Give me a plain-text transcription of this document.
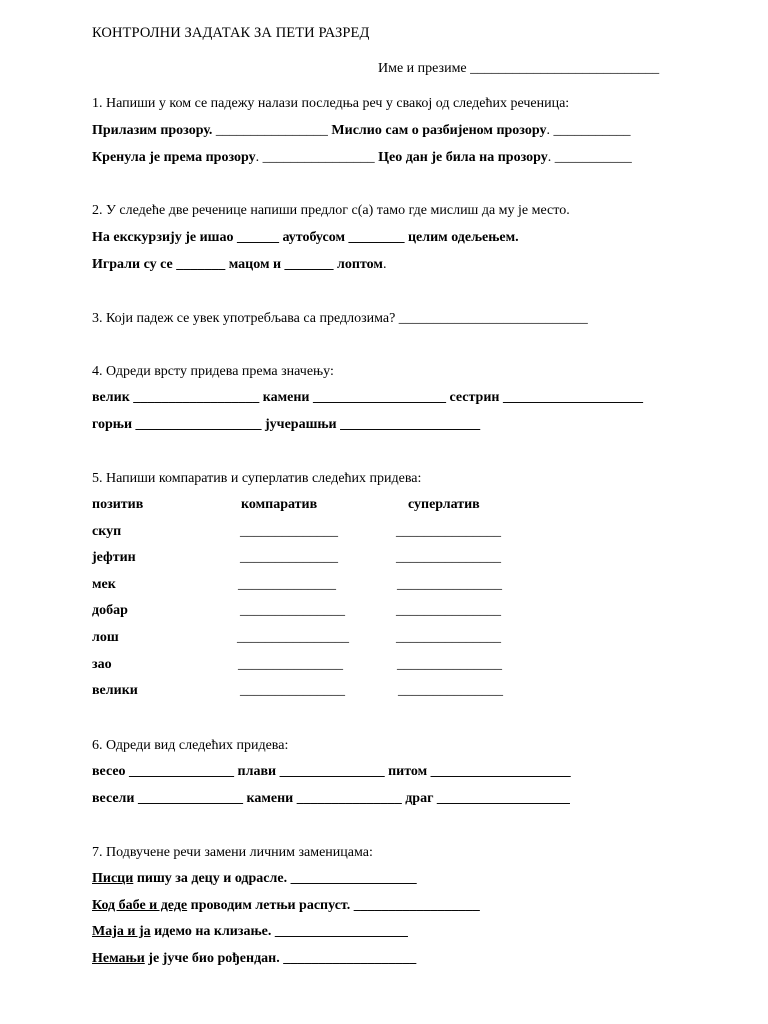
КОНТРОЛНИ ЗАДАТАК ЗА ПЕТИ РАЗРЕД
Име и презиме ___________________________
1. Напиши у ком се падежу налази последња реч у свакој од следећих реченица:
Прилазим прозору. ________________ Мислио сам о разбијеном прозору. ___________
Кренула је према прозору. ________________ Цео дан је била на прозору. ___________
2. У следеће две реченице напиши предлог с(а) тамо где мислиш да му је место.
На екскурзију је ишао ______ аутобусом ________ целим одељењем.
Играли су се _______ мацом и _______ лоптом.
3. Који падеж се увек употребљава са предлозима? ___________________________
4. Одреди врсту придева према значењу:
велик __________________ камени ___________________ сестрин ____________________
горњи __________________ јучерашњи ____________________
5. Напиши компаратив и суперлатив следећих придева:
позитив	компаратив	суперлатив
скуп	______________	_______________
јефтин	______________	_______________
мек	______________	_______________
добар	_______________	_______________
лош	________________	_______________
зао	_______________	_______________
велики	_______________	_______________
6. Одреди вид следећих придева:
весео _______________ плави _______________ питом ____________________
весели _______________ камени _______________ драг ___________________
7. Подвучене речи замени личним заменицама:
Писци пишу за децу и одрасле. __________________
Код бабе и деде проводим летњи распуст. __________________
Маја и ја идемо на клизање. ___________________
Немањи је јуче био рођендан. ___________________
